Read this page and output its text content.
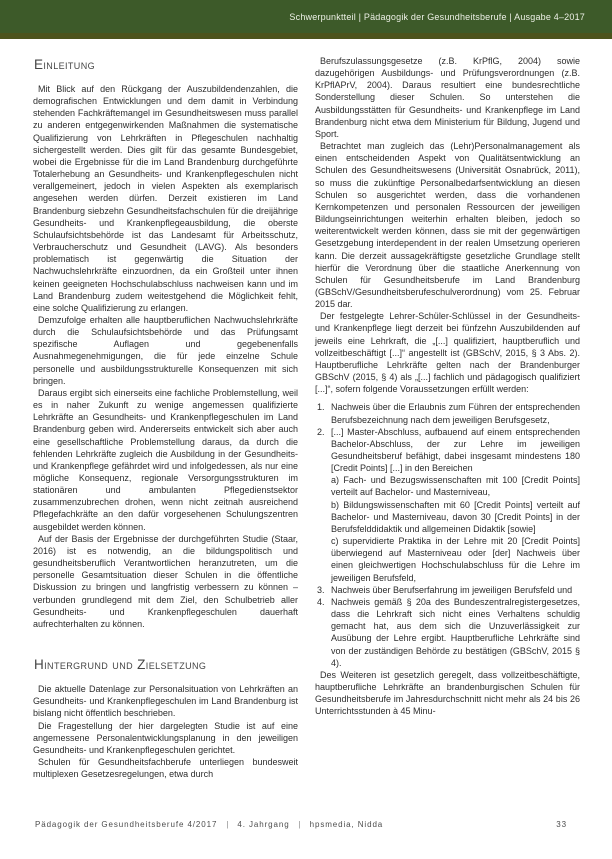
Schwerpunktteil | Pädagogik der Gesundheitsberufe | Ausgabe 4–2017
Einleitung

Mit Blick auf den Rückgang der Auszubildendenzahlen, die demografischen Entwicklungen und dem damit in Verbindung stehenden Fachkräftemangel im Gesundheitswesen muss parallel zu anderen entgegenwirkenden Maßnahmen die systematische Qualifizierung von Lehrkräften in Pflegeschulen nachhaltig sichergestellt werden. Dies gilt für das gesamte Bundesgebiet, wobei die Ergebnisse für die im Land Brandenburg durchgeführte Totalerhebung an Gesundheits- und Krankenpflegeschulen nicht verallgemeinert, jedoch in vielen Aspekten als exemplarisch angesehen werden dürfen. Derzeit existieren im Land Brandenburg siebzehn Gesundheitsfachschulen für die dreijährige Gesundheits- und Krankenpflegeausbildung, die oberste Schulaufsichtsbehörde ist das Landesamt für Arbeitsschutz, Verbraucherschutz und Gesundheit (LAVG). Als besonders problematisch ist gegenwärtig die Situation der Nachwuchslehrkräfte einzuordnen, da ein Großteil unter ihnen keinen geeigneten Hochschulabschluss nachweisen kann und im Land Brandenburg zudem weitestgehend die Möglichkeit fehlt, eine solche Qualifizierung zu erlangen.

Demzufolge erhalten alle hauptberuflichen Nachwuchslehrkräfte durch die Schulaufsichtsbehörde und das Prüfungsamt spezifische Auflagen und gegebenenfalls Ausnahmegenehmigungen, die für jede einzelne Schule personelle und ausbildungsstrukturelle Konsequenzen mit sich bringen.

Daraus ergibt sich einerseits eine fachliche Problemstellung, weil es in naher Zukunft zu wenige angemessen qualifizierte Lehrkräfte an Gesundheits- und Krankenpflegeschulen im Land Brandenburg geben wird. Andererseits entwickelt sich aber auch eine gesellschaftliche Problemstellung daraus, da durch die fehlenden Lehrkräfte zugleich die Ausbildung in der Gesundheits- und Krankenpflege gefährdet wird und infolgedessen, als nur eine mögliche Konsequenz, regionale Versorgungsstrukturen im stationären und ambulanten Pflegedienstsektor zusammenzubrechen drohen, wenn nicht zeitnah ausreichend Pflegefachkräfte an den dafür vorgesehenen Schulungszentren ausgebildet werden können.

Auf der Basis der Ergebnisse der durchgeführten Studie (Staar, 2016) ist es notwendig, an die bildungspolitisch und gesundheitsberuflich Verantwortlichen heranzutreten, um die personelle Gesamtsituation dieser Schulen in die öffentliche Diskussion zu bringen und langfristig verbessern zu können – verbunden grundlegend mit dem Ziel, den Schulbetrieb aller Gesundheits- und Krankenpflegeschulen dauerhaft aufrechterhalten zu können.

Hintergrund und Zielsetzung

Die aktuelle Datenlage zur Personalsituation von Lehrkräften an Gesundheits- und Krankenpflegeschulen im Land Brandenburg ist bislang nicht öffentlich beschrieben.

Die Fragestellung der hier dargelegten Studie ist auf eine angemessene Personalentwicklungsplanung in den jeweiligen Gesundheits- und Krankenpflegeschulen gerichtet.

Schulen für Gesundheitsfachberufe unterliegen bundesweit multiplexen Gesetzesregelungen, etwa durch

Berufszulassungsgesetze (z.B. KrPflG, 2004) sowie dazugehörigen Ausbildungs- und Prüfungsverordnungen (z.B. KrPflAPrV, 2004). Daraus resultiert eine bundesrechtliche Sonderstellung dieser Schulen. So unterstehen die Ausbildungsstätten für Gesundheits- und Krankenpflege im Land Brandenburg nicht etwa dem Ministerium für Bildung, Jugend und Sport.

Betrachtet man zugleich das (Lehr)Personalmanagement als einen entscheidenden Aspekt von Qualitätsentwicklung an Schulen des Gesundheitswesens (Universität Osnabrück, 2011), so muss die zukünftige Personalbedarfsentwicklung an diesen Schulen so ausgerichtet werden, dass die vorhandenen Kernkompetenzen und personalen Ressourcen der jeweiligen Bildungseinrichtungen weiterhin erhalten bleiben, jedoch so weiterentwickelt werden können, dass sie mit der gegenwärtigen Gesetzgebung interdependent in der realen Umsetzung operieren kann. Die derzeit aussagekräftigste gesetzliche Grundlage stellt hierfür die Verordnung über die staatliche Anerkennung von Schulen für Gesundheitsberufe im Land Brandenburg (GBSchV/Gesundheitsberufeschulverordnung) vom 25. Februar 2015 dar.

Der festgelegte Lehrer-Schüler-Schlüssel in der Gesundheits- und Krankenpflege liegt derzeit bei fünfzehn Auszubildenden auf jeweils eine Lehrkraft, die „[...] qualifiziert, hauptberuflich und vollzeitbeschäftigt [...]“ angestellt ist (GBSchV, 2015, § 3 Abs. 2). Hauptberufliche Lehrkräfte gelten nach der Brandenburger GBSchV (2015, § 4) als „[...] fachlich und pädagogisch qualifiziert [...]“, sofern folgende Voraussetzungen erfüllt werden:

1. Nachweis über die Erlaubnis zum Führen der entsprechenden Berufsbezeichnung nach dem jeweiligen Berufsgesetz,
2. [...] Master-Abschluss, aufbauend auf einem entsprechenden Bachelor-Abschluss, der zur Lehre im jeweiligen Gesundheitsberuf befähigt, dabei insgesamt mindestens 180 [Credit Points] [...] in den Bereichen
a) Fach- und Bezugswissenschaften mit 100 [Credit Points] verteilt auf Bachelor- und Masterniveau,
b) Bildungswissenschaften mit 60 [Credit Points] verteilt auf Bachelor- und Masterniveau, davon 30 [Credit Points] in der Berufsfelddidaktik und allgemeinen Didaktik [sowie]
c) supervidierte Praktika in der Lehre mit 20 [Credit Points] überwiegend auf Masterniveau oder [der] Nachweis über einen gleichwertigen Hochschulabschluss für die Lehre im jeweiligen Berufsfeld,
3. Nachweis über Berufserfahrung im jeweiligen Berufsfeld und
4. Nachweis gemäß § 20a des Bundeszentralregistergesetzes, dass die Lehrkraft sich nicht eines Verhaltens schuldig gemacht hat, aus dem sich die Unzuverlässigkeit zur Ausübung der Lehre ergibt. Hauptberufliche Lehrkräfte sind von der zuständigen Behörde zu bestätigen (GBSchV, 2015 § 4).

Des Weiteren ist gesetzlich geregelt, dass vollzeitbeschäftigte, hauptberufliche Lehrkräfte an brandenburgischen Schulen für Gesundheitsberufe im Jahresdurchschnitt nicht mehr als 24 bis 26 Unterrichtsstunden à 45 Minu-

Pädagogik der Gesundheitsberufe 4/2017 | 4. Jahrgang | hpsmedia, Nidda	33
